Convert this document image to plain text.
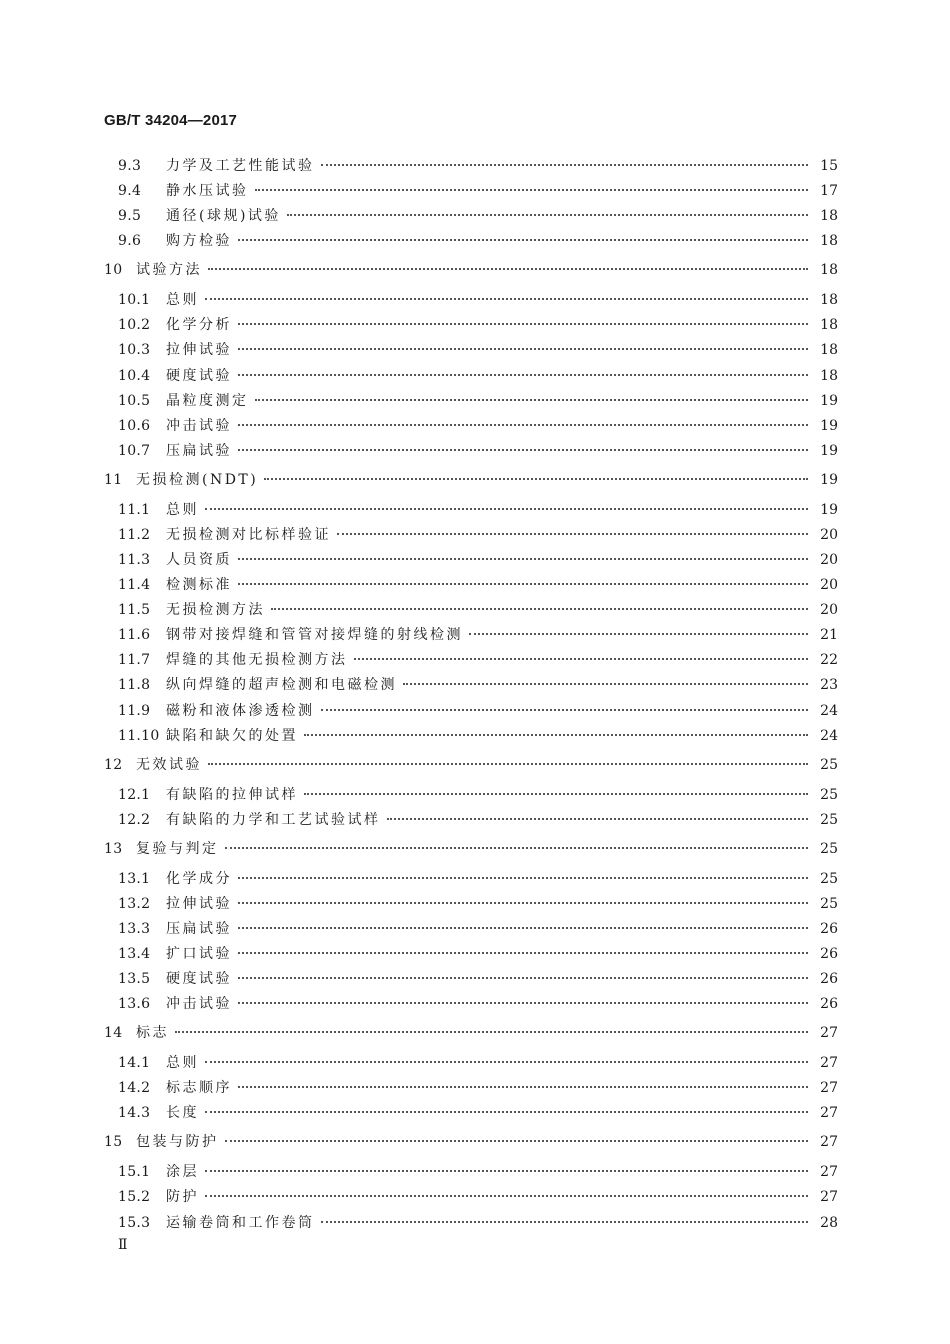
GB/T 34204—2017
9.3	力学及工艺性能试验	15
9.4	静水压试验	17
9.5	通径(球规)试验	18
9.6	购方检验	18
10 试验方法	18
10.1	总则	18
10.2	化学分析	18
10.3	拉伸试验	18
10.4	硬度试验	18
10.5	晶粒度测定	19
10.6	冲击试验	19
10.7	压扁试验	19
11 无损检测(NDT)	19
11.1	总则	19
11.2	无损检测对比标样验证	20
11.3	人员资质	20
11.4	检测标准	20
11.5	无损检测方法	20
11.6	钢带对接焊缝和管管对接焊缝的射线检测	21
11.7	焊缝的其他无损检测方法	22
11.8	纵向焊缝的超声检测和电磁检测	23
11.9	磁粉和液体渗透检测	24
11.10 缺陷和缺欠的处置	24
12 无效试验	25
12.1	有缺陷的拉伸试样	25
12.2	有缺陷的力学和工艺试验试样	25
13 复验与判定	25
13.1	化学成分	25
13.2	拉伸试验	25
13.3	压扁试验	26
13.4	扩口试验	26
13.5	硬度试验	26
13.6	冲击试验	26
14 标志	27
14.1	总则	27
14.2	标志顺序	27
14.3	长度	27
15 包装与防护	27
15.1	涂层	27
15.2	防护	27
15.3	运输卷筒和工作卷筒	28
Ⅱ
